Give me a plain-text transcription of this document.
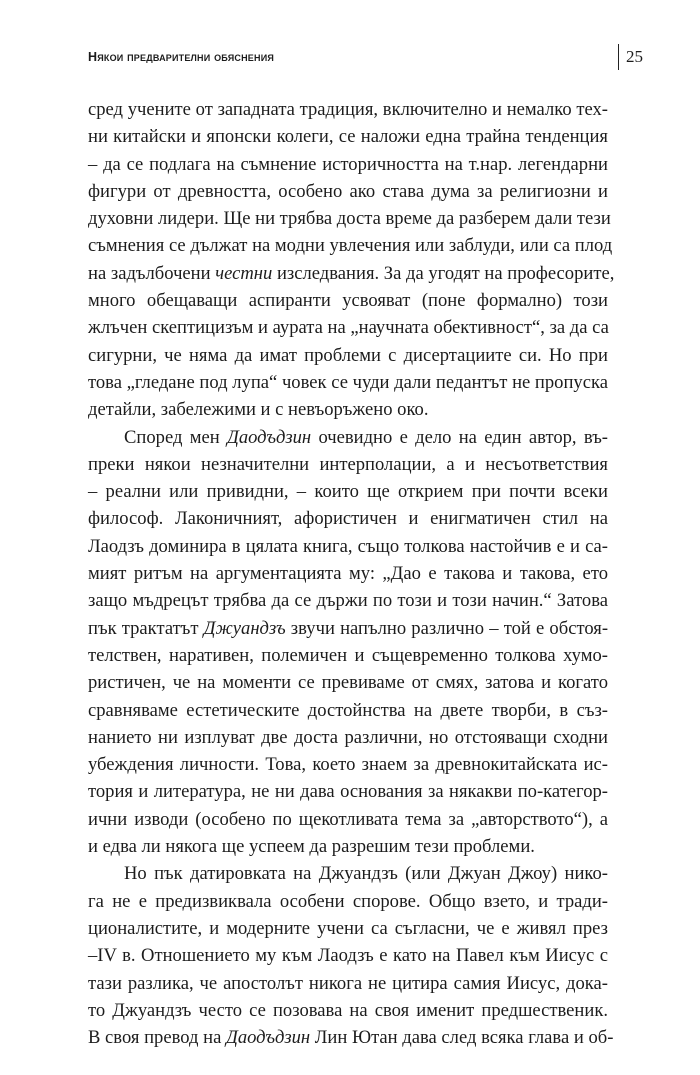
Някои предварителни обяснения	25

сред учените от западната традиция, включително и немалко тех-
ни китайски и японски колеги, се наложи една трайна тенденция
– да се подлага на съмнение историчността на т.нар. легендарни
фигури от древността, особено ако става дума за религиозни и
духовни лидери. Ще ни трябва доста време да разберем дали тези
съмнения се дължат на модни увлечения или заблуди, или са плод
на задълбочени честни изследвания. За да угодят на професорите,
много обещаващи аспиранти усвояват (поне формално) този
жлъчен скептицизъм и аурата на „научната обективност“, за да са
сигурни, че няма да имат проблеми с дисертациите си. Но при
това „гледане под лупа“ човек се чуди дали педантът не пропуска
детайли, забележими и с невъоръжено око.

Според мен Даодъдзин очевидно е дело на един автор, въ-
преки някои незначителни интерполации, а и несъответствия
– реални или привидни, – които ще открием при почти всеки
философ. Лаконичният, афористичен и енигматичен стил на
Лаодзъ доминира в цялата книга, също толкова настойчив е и са-
мият ритъм на аргументацията му: „Дао е такова и такова, ето
защо мъдрецът трябва да се държи по този и този начин.“ Затова
пък трактатът Джуандзъ звучи напълно различно – той е обстоя-
телствен, наративен, полемичен и същевременно толкова хумо-
ристичен, че на моменти се превиваме от смях, затова и когато
сравняваме естетическите достойнства на двете творби, в съз-
нанието ни изплуват две доста различни, но отстояващи сходни
убеждения личности. Това, което знаем за древнокитайската ис-
тория и литература, не ни дава основания за някакви по-категор-
ични изводи (особено по щекотливата тема за „авторството“), а
и едва ли някога ще успеем да разрешим тези проблеми.

Но пък датировката на Джуандзъ (или Джуан Джоу) нико-
га не е предизвиквала особени спорове. Общо взето, и тради-
ционалистите, и модерните учени са съгласни, че е живял през
–IV в. Отношението му към Лаодзъ е като на Павел към Иисус с
тази разлика, че апостолът никога не цитира самия Иисус, дока-
то Джуандзъ често се позовава на своя именит предшественик.
В своя превод на Даодъдзин Лин Ютан дава след всяка глава и об-
